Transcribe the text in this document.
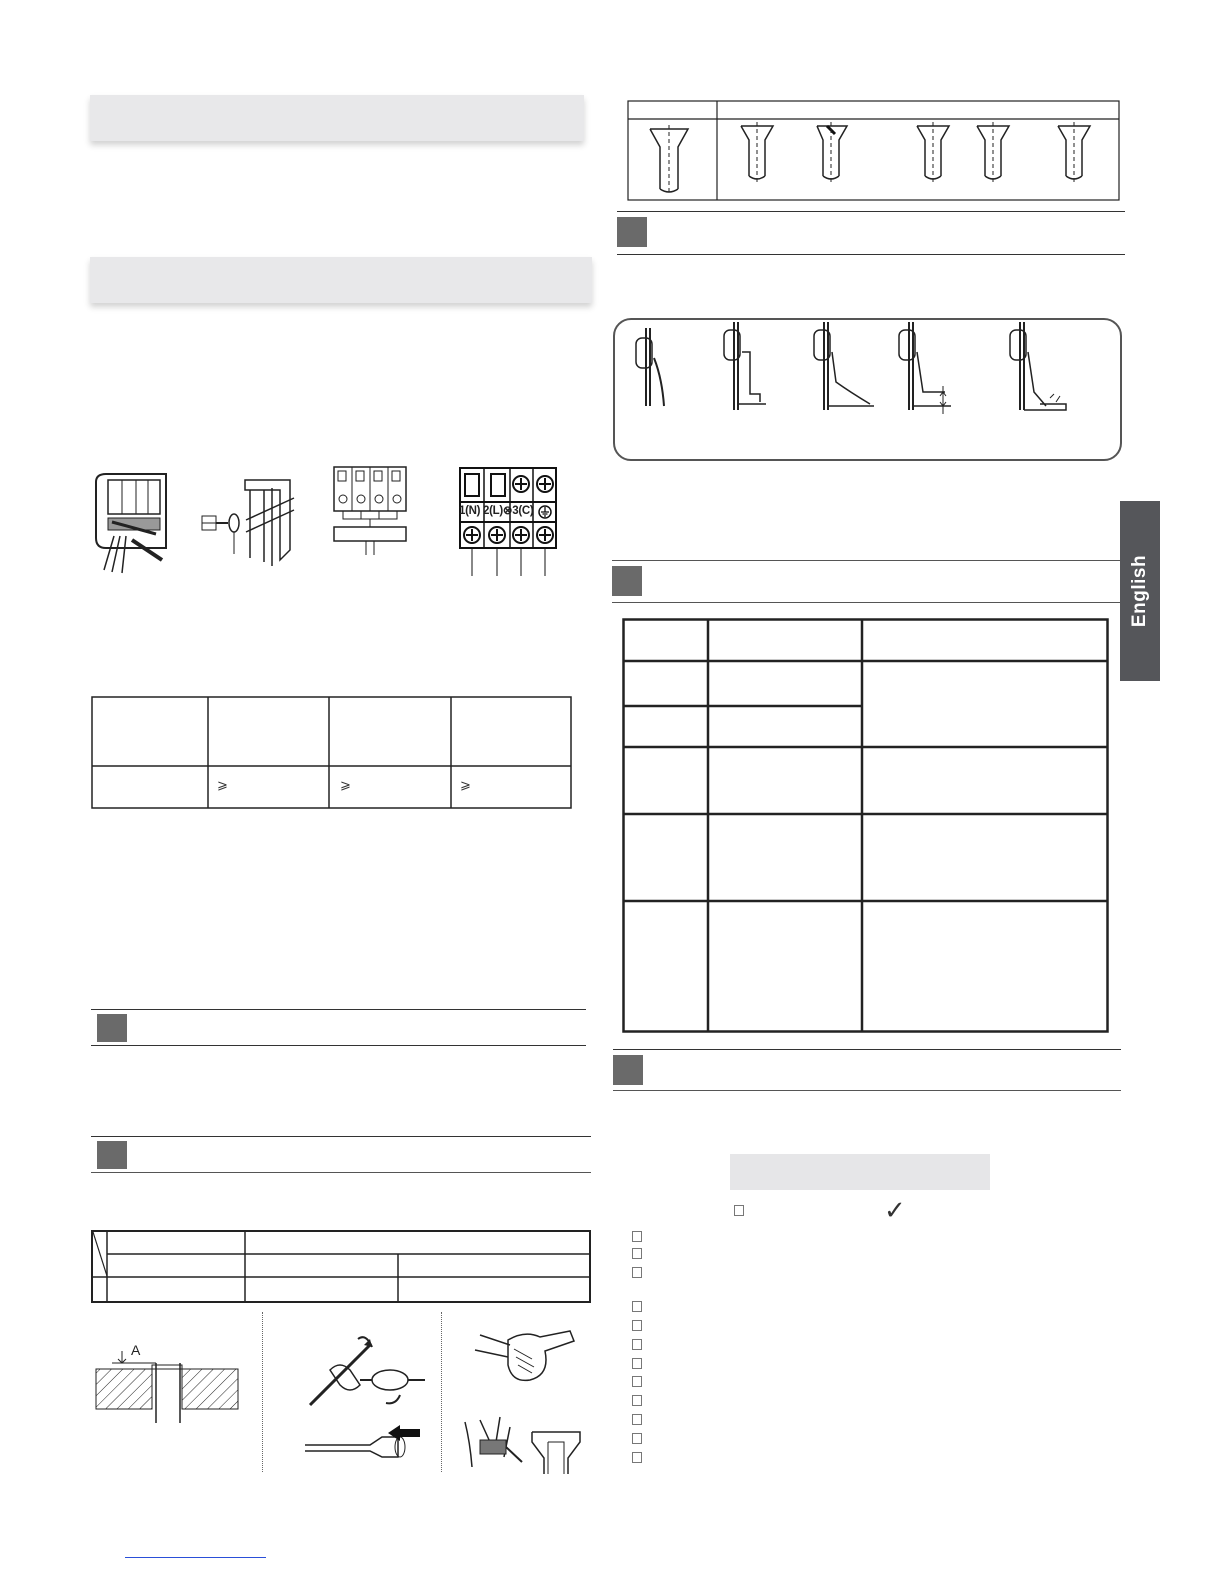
1(N) 2(L)⊗3(C)
⩾	⩾	⩾
A
English
✓
